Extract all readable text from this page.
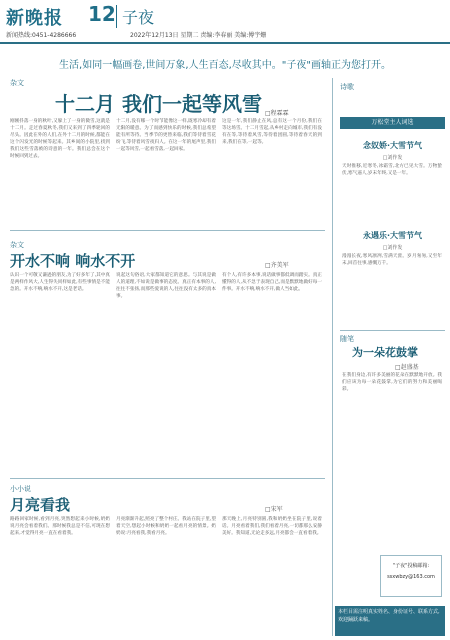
新晚报 12 子夜
新闻热线:0451-4286666	2022年12月13日 星期二 责编:李春丽 美编:傅宇姗
生活,如同一幅画卷,世间万象,人生百态,尽收其中。"子夜"画轴正为您打开。
杂文
十二月 我们一起等风雪 □程霖霖
刚刚抖落一身的秋叶,又躲上了一身的微雪,这就是十二月。走过春夏秋冬,我们又来到了四季轮回的尽头。因此在外的人们,在外十二月的时候,都能在这个闪发光的时候等起来。其乡间的小院里,找到我们这些雪落被的诗意的一年。我们总会在这个时候回到过去。
十二月,没有哪一个时节能像这一样,既寒冷却有着无限的暖意。为了而感到快乐的时候,我们总希望能有所等待。当季节的更替来临,我们等待着雪花纷飞,等待着风雪夜归人。在这一年的尾声里,我们一起等风雪,一起看雪落,一起回家。
这是一年,我们静止在风,总有这一个月份,我们在等这场雪。十二月雪起,从乡村走向城市,我们有没有在等,等待着风雪,等待着团圆,等待着春天的到来,我们在等,一起等。
杂文
开水不响 响水不开	□齐美军
认识一个可敬又谦逊的朋友,为了好多年了,其中真是两样作风大,人生得失同样如此,有些事情是不能急的。开水不响,响水不开,这是老话。
说起这句俗语,大家都知道它的意思。与其说是做人的道理,不如说是做事的态度。真正有本事的人,往往不张扬,而那些爱说的人,往往没有太多的真本事。
有个人,有许多本事,说话做事都低调而踏实。真正懂得的人,从不急于表现自己,而是默默地做好每一件事。开水不响,响水不开,做人当如此。
小小说
月亮看我	□宋军
路路回家时候,看到月亮,突然想起来小时候,奶奶说月亮会看着我们。那时候我总是不信,可现在想起来,才觉得月亮一直在看着我。
月亮渐渐升起,照亮了整个村庄。我站在院子里,望着天空,想起小时候和奶奶一起看月亮的情景。奶奶说:月亮看我,我看月亮。
那天晚上,月亮特别圆,我和奶奶坐在院子里,说着话。月亮看着我们,我们看着月亮,一切都那么安静美好。我知道,无论走多远,月亮都会一直看着我。
诗歌
万松堂主人词选
念奴娇·大雪节气
□刘作发
天时推移,近寒冬,冰霜雪,北方已见大雪。万物蛰伏,寒气逼人,岁末年终,又是一年。
永遇乐·大雪节气
□刘作发
漫漫长夜,寒风凛冽,雪满天涯。岁月匆匆,又至年末,回首往事,感慨万千。
随笔
为一朵花鼓掌
□赵盛基
在我们身边,有许多美丽的花朵在默默地开放。我们应该为每一朵花鼓掌,为它们的努力和美丽喝彩。
"子夜"投稿邮箱:
ssxwbzy@163.com
本栏目需注明真实姓名、身份证号、联系方式,欢迎踊跃来稿。
